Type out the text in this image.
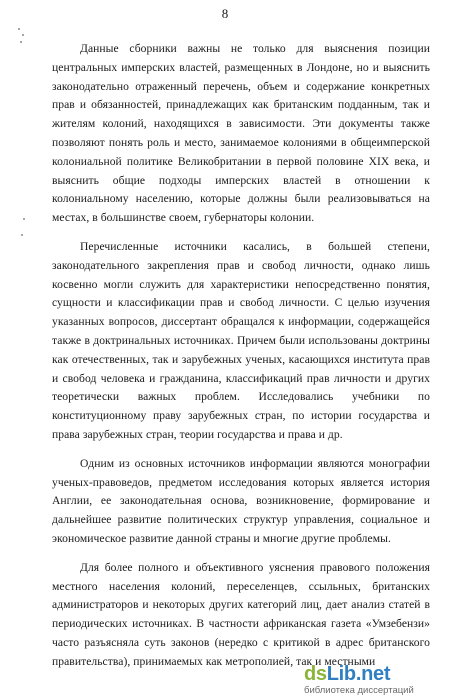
8

Данные сборники важны не только для выяснения позиции центральных имперских властей, размещенных в Лондоне, но и выяснить законодательно отраженный перечень, объем и содержание конкретных прав и обязанностей, принадлежащих как британским подданным, так и жителям колоний, находящихся в зависимости. Эти документы также позволяют понять роль и место, занимаемое колониями в общеимперской колониальной политике Великобритании в первой половине XIX века, и выяснить общие подходы имперских властей в отношении к колониальному населению, которые должны были реализовываться на местах, в большинстве своем, губернаторы колонии.

Перечисленные источники касались, в большей степени, законодательного закрепления прав и свобод личности, однако лишь косвенно могли служить для характеристики непосредственно понятия, сущности и классификации прав и свобод личности. С целью изучения указанных вопросов, диссертант обращался к информации, содержащейся также в доктринальных источниках. Причем были использованы доктрины как отечественных, так и зарубежных ученых, касающихся института прав и свобод человека и гражданина, классификаций прав личности и других теоретически важных проблем. Исследовались учебники по конституционному праву зарубежных стран, по истории государства и права зарубежных стран, теории государства и права и др.

Одним из основных источников информации являются монографии ученых-правоведов, предметом исследования которых является история Англии, ее законодательная основа, возникновение, формирование и дальнейшее развитие политических структур управления, социальное и экономическое развитие данной страны и многие другие проблемы.

Для более полного и объективного уяснения правового положения местного населения колоний, переселенцев, ссыльных, британских администраторов и некоторых других категорий лиц, дает анализ статей в периодических источниках. В частности африканская газета «Умзебензи» часто разъясняла суть законов (нередко с критикой в адрес британского правительства), принимаемых как метрополией, так и местными

dsLib.net
библиотека диссертаций
